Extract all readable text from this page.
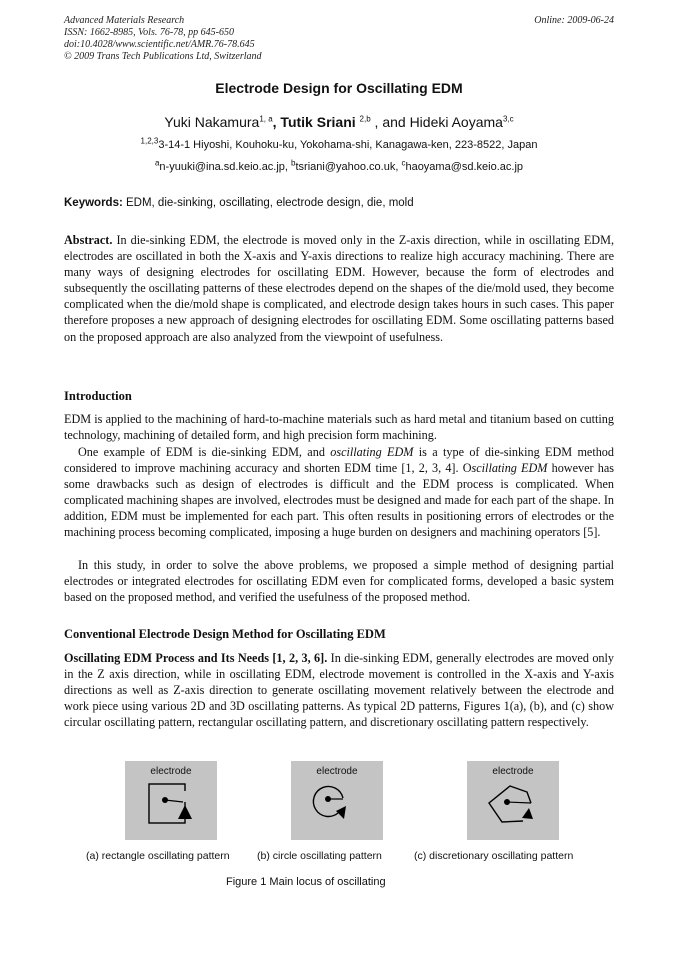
Advanced Materials Research
ISSN: 1662-8985, Vols. 76-78, pp 645-650
doi:10.4028/www.scientific.net/AMR.76-78.645
© 2009 Trans Tech Publications Ltd, Switzerland
Online: 2009-06-24
Electrode Design for Oscillating EDM
Yuki Nakamura$^{1, a}$, Tutik Sriani $^{2,b}$ , and Hideki Aoyama$^{3,c}$
$^{1,2,3}$3-14-1 Hiyoshi, Kouhoku-ku, Yokohama-shi, Kanagawa-ken, 223-8522, Japan
$^a$n-yuuki@ina.sd.keio.ac.jp, $^b$tsriani@yahoo.co.uk, $^c$haoyama@sd.keio.ac.jp
Keywords: EDM, die-sinking, oscillating, electrode design, die, mold

Abstract. In die-sinking EDM, the electrode is moved only in the Z-axis direction, while in oscillating EDM, electrodes are oscillated in both the X-axis and Y-axis directions to realize high accuracy machining. There are many ways of designing electrodes for oscillating EDM. However, because the form of electrodes and subsequently the oscillating patterns of these electrodes depend on the shapes of the die/mold used, they become complicated when the die/mold shape is complicated, and electrode design takes hours in such cases. This paper therefore proposes a new approach of designing electrodes for oscillating EDM. Some oscillating patterns based on the proposed approach are also analyzed from the viewpoint of usefulness.

Introduction

EDM is applied to the machining of hard-to-machine materials such as hard metal and titanium based on cutting technology, machining of detailed form, and high precision form machining.

One example of EDM is die-sinking EDM, and oscillating EDM is a type of die-sinking EDM method considered to improve machining accuracy and shorten EDM time [1, 2, 3, 4]. Oscillating EDM however has some drawbacks such as design of electrodes is difficult and the EDM process is complicated. When complicated machining shapes are involved, electrodes must be designed and made for each part of the shape. In addition, EDM must be implemented for each part. This often results in positioning errors of electrodes or the machining process becoming complicated, imposing a huge burden on designers and machining operators [5].

In this study, in order to solve the above problems, we proposed a simple method of designing partial electrodes or integrated electrodes for oscillating EDM even for complicated forms, developed a basic system based on the proposed method, and verified the usefulness of the proposed method.

Conventional Electrode Design Method for Oscillating EDM

Oscillating EDM Process and Its Needs [1, 2, 3, 6]. In die-sinking EDM, generally electrodes are moved only in the Z axis direction, while in oscillating EDM, electrode movement is controlled in the X-axis and Y-axis directions as well as Z-axis direction to generate oscillating movement relatively between the electrode and work piece using various 2D and 3D oscillating patterns. As typical 2D patterns, Figures 1(a), (b), and (c) show circular oscillating pattern, rectangular oscillating pattern, and discretionary oscillating pattern respectively.

electrode	electrode	electrode
(a) rectangle oscillating pattern	(b) circle oscillating pattern	(c) discretionary oscillating pattern
Figure 1 Main locus of oscillating
